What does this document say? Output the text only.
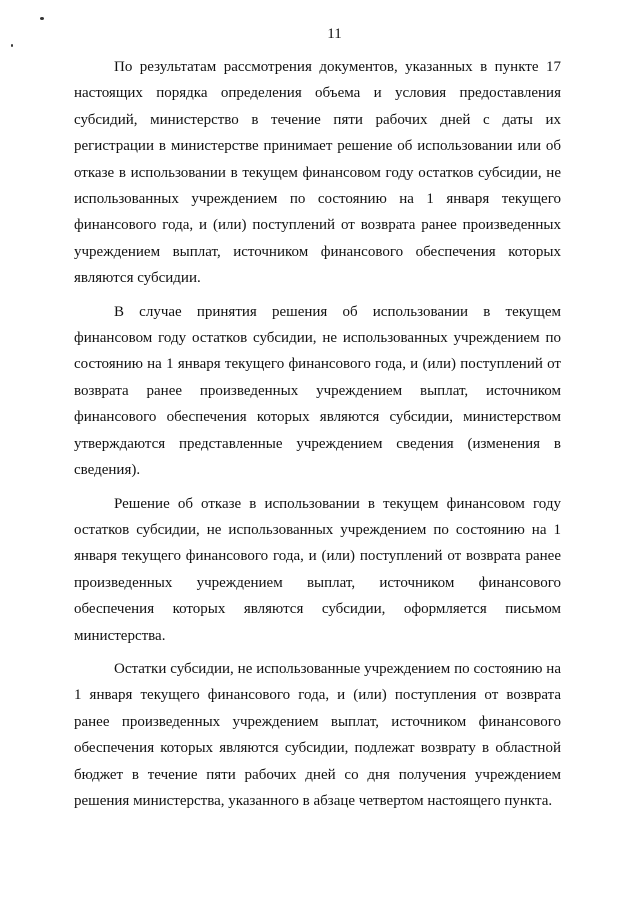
11

По результатам рассмотрения документов, указанных в пункте 17 настоящих порядка определения объема и условия предоставления субсидий, министерство в течение пяти рабочих дней с даты их регистрации в министерстве принимает решение об использовании или об отказе в использовании в текущем финансовом году остатков субсидии, не использованных учреждением по состоянию на 1 января текущего финансового года, и (или) поступлений от возврата ранее произведенных учреждением выплат, источником финансового обеспечения которых являются субсидии.

В случае принятия решения об использовании в текущем финансовом году остатков субсидии, не использованных учреждением по состоянию на 1 января текущего финансового года, и (или) поступлений от возврата ранее произведенных учреждением выплат, источником финансового обеспечения которых являются субсидии, министерством утверждаются представленные учреждением сведения (изменения в сведения).

Решение об отказе в использовании в текущем финансовом году остатков субсидии, не использованных учреждением по состоянию на 1 января текущего финансового года, и (или) поступлений от возврата ранее произведенных учреждением выплат, источником финансового обеспечения которых являются субсидии, оформляется письмом министерства.

Остатки субсидии, не использованные учреждением по состоянию на 1 января текущего финансового года, и (или) поступления от возврата ранее произведенных учреждением выплат, источником финансового обеспечения которых являются субсидии, подлежат возврату в областной бюджет в течение пяти рабочих дней со дня получения учреждением решения министерства, указанного в абзаце четвертом настоящего пункта.
